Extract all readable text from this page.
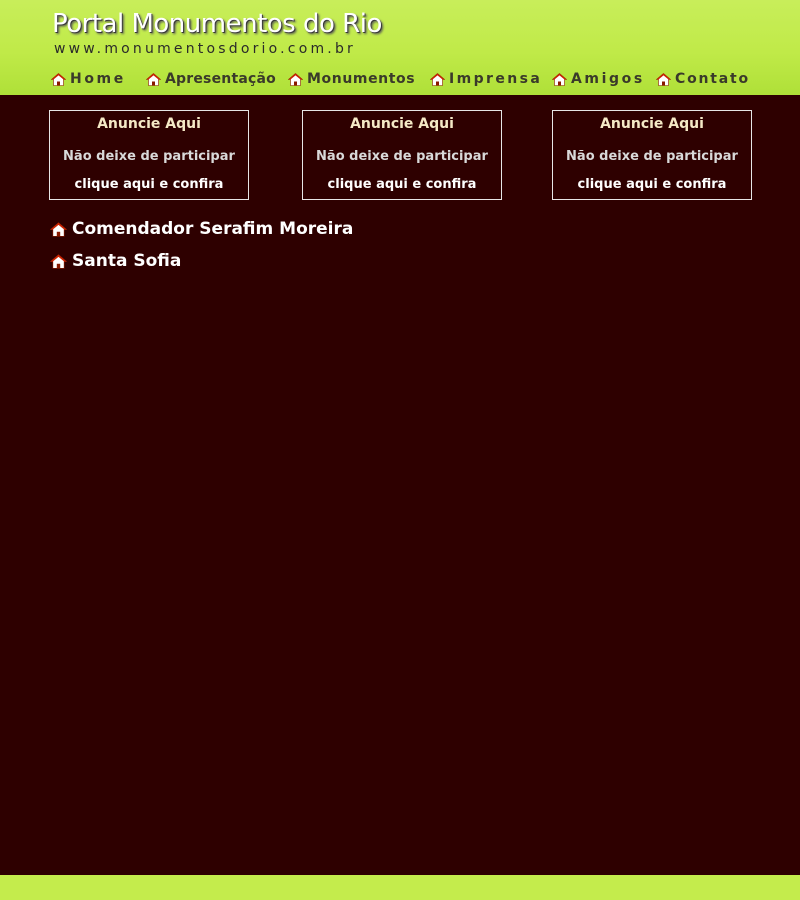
Portal Monumentos do Rio
www.monumentosdorio.com.br
Home	Apresentação Monumentos Imprensa Amigos Contato
Anuncie Aqui
Não deixe de participar
clique aqui e confira
Anuncie Aqui
Não deixe de participar
clique aqui e confira
Anuncie Aqui
Não deixe de participar
clique aqui e confira
Comendador Serafim Moreira
Santa Sofia
